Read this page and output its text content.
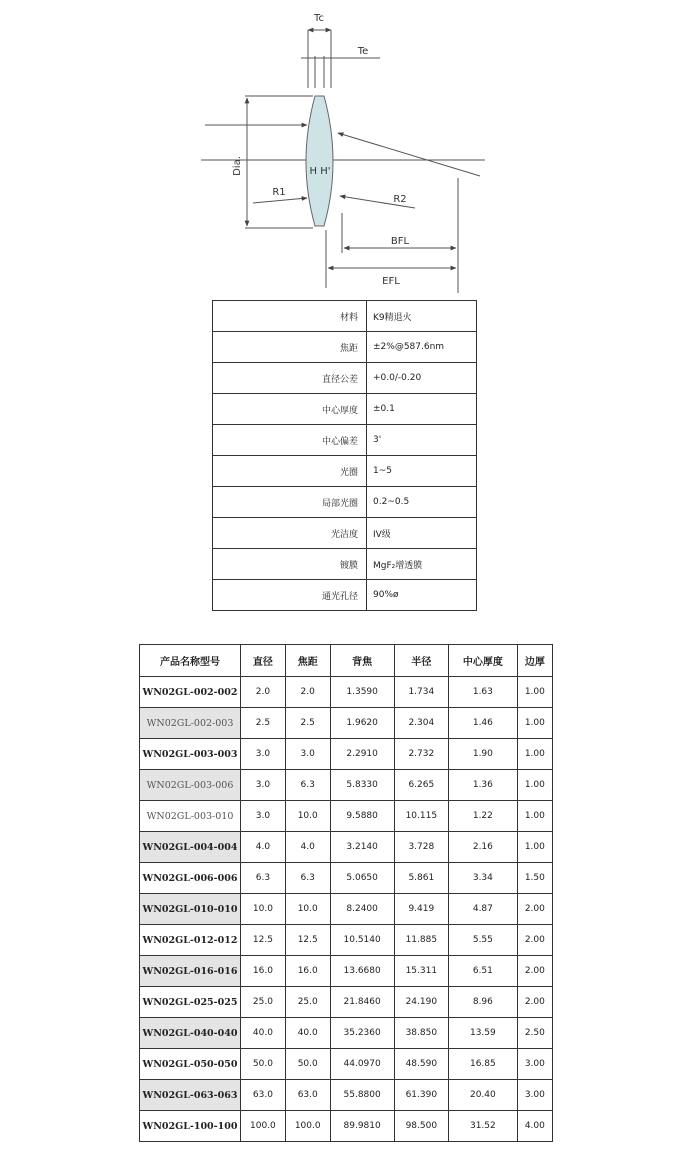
Tc
Te
Dia.	H H'
R1
R2
BFL
EFL
材料	K9精退火
焦距	±2%@587.6nm
直径公差	+0.0/-0.20
中心厚度	±0.1
中心偏差	3'
光圈	1~5
局部光圈	0.2~0.5
光洁度	IV级
镀膜	MgF₂增透膜
通光孔径	90%ø
产品名称型号	直径	焦距	背焦	半径	中心厚度	边厚
WN02GL-002-002	2.0	2.0	1.3590	1.734	1.63	1.00
WN02GL-002-003	2.5	2.5	1.9620	2.304	1.46	1.00
WN02GL-003-003	3.0	3.0	2.2910	2.732	1.90	1.00
WN02GL-003-006	3.0	6.3	5.8330	6.265	1.36	1.00
WN02GL-003-010	3.0	10.0	9.5880	10.115	1.22	1.00
WN02GL-004-004	4.0	4.0	3.2140	3.728	2.16	1.00
WN02GL-006-006	6.3	6.3	5.0650	5.861	3.34	1.50
WN02GL-010-010	10.0	10.0	8.2400	9.419	4.87	2.00
WN02GL-012-012	12.5	12.5	10.5140	11.885	5.55	2.00
WN02GL-016-016	16.0	16.0	13.6680	15.311	6.51	2.00
WN02GL-025-025	25.0	25.0	21.8460	24.190	8.96	2.00
WN02GL-040-040	40.0	40.0	35.2360	38.850	13.59	2.50
WN02GL-050-050	50.0	50.0	44.0970	48.590	16.85	3.00
WN02GL-063-063	63.0	63.0	55.8800	61.390	20.40	3.00
WN02GL-100-100	100.0	100.0	89.9810	98.500	31.52	4.00
